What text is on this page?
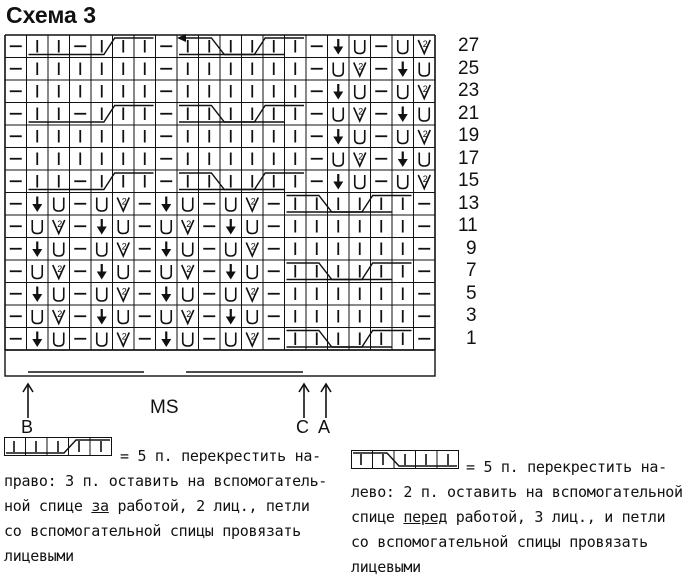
Схема 3
2
2
2
2
2
2
2
2	2
2	2
2	2
2	2
2	2
2	2
2	2
27
25
23
21
19
17
15
13
11
9
7
5
3
1
MS
B	C A
= 5 п. перекрестить на-
право: 3 п. оставить на вспомогатель-
ной спице за работой, 2 лиц., петли
со вспомогательной спицы провязать
лицевыми
= 5 п. перекрестить на-
лево: 2 п. оставить на вспомогательной
спице перед работой, 3 лиц., и петли
со вспомогательной спицы провязать
лицевыми
